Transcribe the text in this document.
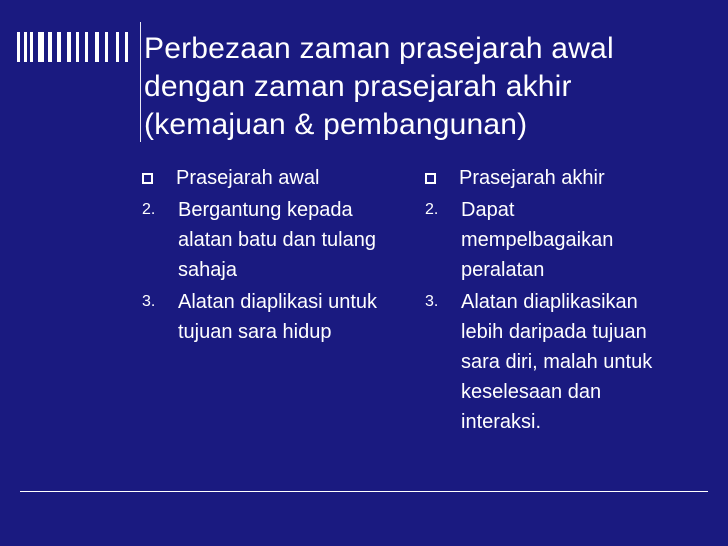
Perbezaan zaman prasejarah awal dengan zaman prasejarah akhir (kemajuan & pembangunan)
Prasejarah awal
2.	Bergantung kepada alatan batu dan tulang sahaja
3.	Alatan diaplikasi untuk tujuan sara hidup
Prasejarah akhir
2.	Dapat mempelbagaikan peralatan
3.	Alatan diaplikasikan lebih daripada tujuan sara diri, malah untuk keselesaan dan interaksi.
